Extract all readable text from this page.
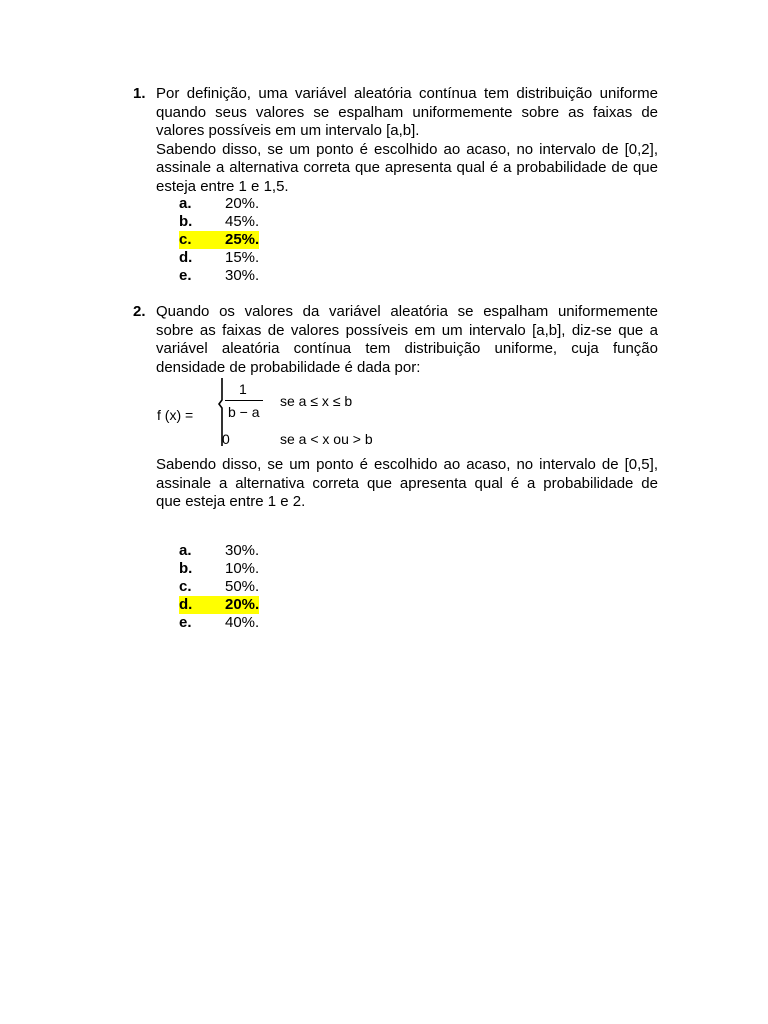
1. Por definição, uma variável aleatória contínua tem distribuição uniforme
quando seus valores se espalham uniformemente sobre as faixas de
valores possíveis em um intervalo [a,b].
Sabendo disso, se um ponto é escolhido ao acaso, no intervalo de [0,2],
assinale a alternativa correta que apresenta qual é a probabilidade de que
esteja entre 1 e 1,5.
a. 20%.
b. 45%.
c. 25%.
d. 15%.
e. 30%.
2. Quando os valores da variável aleatória se espalham uniformemente
sobre as faixas de valores possíveis em um intervalo [a,b], diz-se que a
variável aleatória contínua tem distribuição uniforme, cuja função
densidade de probabilidade é dada por:
f (x) =
1
b − a
se a ≤ x ≤ b
0	se a < x ou > b
Sabendo disso, se um ponto é escolhido ao acaso, no intervalo de [0,5],
assinale a alternativa correta que apresenta qual é a probabilidade de
que esteja entre 1 e 2.
a. 30%.
b. 10%.
c. 50%.
d. 20%.
e. 40%.
